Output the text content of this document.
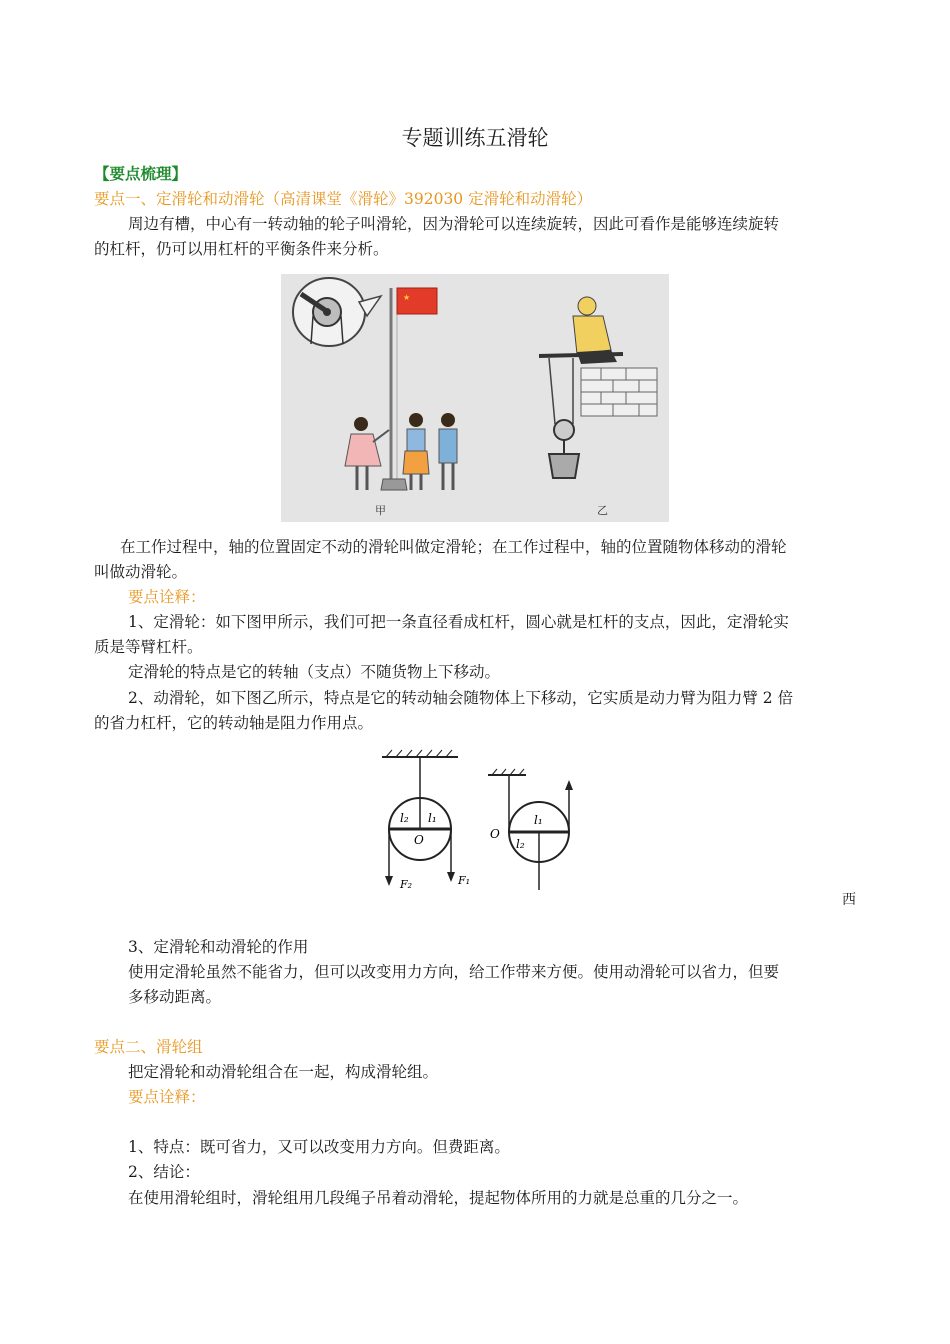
专题训练五滑轮
【要点梳理】
要点一、定滑轮和动滑轮（高清课堂《滑轮》392030 定滑轮和动滑轮）
周边有槽，中心有一转动轴的轮子叫滑轮，因为滑轮可以连续旋转，因此可看作是能够连续旋转
的杠杆，仍可以用杠杆的平衡条件来分析。
★
甲	乙
在工作过程中，轴的位置固定不动的滑轮叫做定滑轮；在工作过程中，轴的位置随物体移动的滑轮
叫做动滑轮。
要点诠释：
1、定滑轮：如下图甲所示，我们可把一条直径看成杠杆，圆心就是杠杆的支点，因此，定滑轮实
质是等臂杠杆。
定滑轮的特点是它的转轴（支点）不随货物上下移动。
2、动滑轮，如下图乙所示，特点是它的转动轴会随物体上下移动，它实质是动力臂为阻力臂 2 倍
的省力杠杆，它的转动轴是阻力作用点。
l₂ l₁
O
F₂	F₁
l₁
l₂
O
西
3、定滑轮和动滑轮的作用
使用定滑轮虽然不能省力，但可以改变用力方向，给工作带来方便。使用动滑轮可以省力，但要
多移动距离。
要点二、滑轮组
把定滑轮和动滑轮组合在一起，构成滑轮组。
要点诠释：
1、特点：既可省力，又可以改变用力方向。但费距离。
2、结论：
在使用滑轮组时，滑轮组用几段绳子吊着动滑轮，提起物体所用的力就是总重的几分之一。
